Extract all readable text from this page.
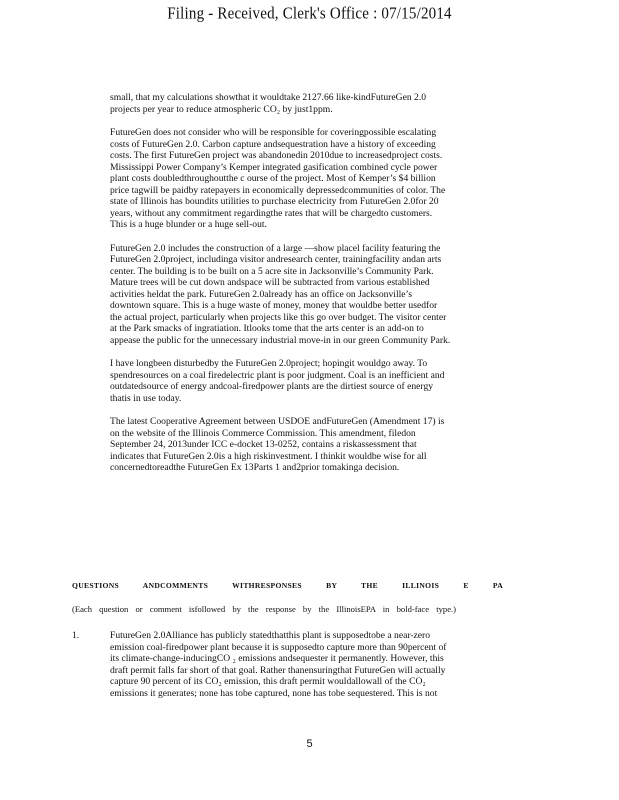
Filing - Received, Clerk's Office : 07/15/2014

small, that my calculations showthat it wouldtake 2127.66 like-kindFutureGen 2.0
projects per year to reduce atmospheric CO₂ by just1ppm.

FutureGen does not consider who will be responsible for coveringpossible escalating
costs of FutureGen 2.0. Carbon capture andsequestration have a history of exceeding
costs. The first FutureGen project was abandonedin 2010due to increasedproject costs.
Mississippi Power Company’s Kemper integrated gasification combined cycle power
plant costs doubledthroughoutthe c ourse of the project. Most of Kemper’s $4 billion
price tagwill be paidby ratepayers in economically depressedcommunities of color. The
state of Illinois has boundits utilities to purchase electricity from FutureGen 2.0for 20
years, without any commitment regardingthe rates that will be chargedto customers.
This is a huge blunder or a huge sell-out.

FutureGen 2.0 includes the construction of a large —show placel facility featuring the
FutureGen 2.0project, includinga visitor andresearch center, trainingfacility andan arts
center. The building is to be built on a 5 acre site in Jacksonville’s Community Park.
Mature trees will be cut down andspace will be subtracted from various established
activities heldat the park. FutureGen 2.0already has an office on Jacksonville’s
downtown square. This is a huge waste of money, money that wouldbe better usedfor
the actual project, particularly when projects like this go over budget. The visitor center
at the Park smacks of ingratiation. Itlooks tome that the arts center is an add-on to
appease the public for the unnecessary industrial move-in in our green Community Park.

I have longbeen disturbedby the FutureGen 2.0project; hopingit wouldgo away. To
spendresources on a coal firedelectric plant is poor judgment. Coal is an inefficient and
outdatedsource of energy andcoal-firedpower plants are the dirtiest source of energy
thatis in use today.

The latest Cooperative Agreement between USDOE andFutureGen (Amendment 17) is
on the website of the Illinois Commerce Commission. This amendment, filedon
September 24, 2013under ICC e-docket 13-0252, contains a riskassessment that
indicates that FutureGen 2.0is a high riskinvestment. I thinkit wouldbe wise for all
concernedtoreadthe FutureGen Ex 13Parts 1 and2prior tomakinga decision.

QUESTIONS ANDCOMMENTS WITHRESPONSES BY THE ILLINOIS E PA
(Each question or comment isfollowed by the response by the IllinoisEPA in bold-face type.)
1.	FutureGen 2.0Alliance has publicly statedthatthis plant is supposedtobe a near-zero
emission coal-firedpower plant because it is supposedto capture more than 90percent of
its climate-change-inducingCO ₂ emissions andsequester it permanently. However, this
draft permit falls far short of that goal. Rather thanensuringthat FutureGen will actually
capture 90 percent of its CO₂ emission, this draft permit wouldallowall of the CO₂
emissions it generates; none has tobe captured, none has tobe sequestered. This is not

5
